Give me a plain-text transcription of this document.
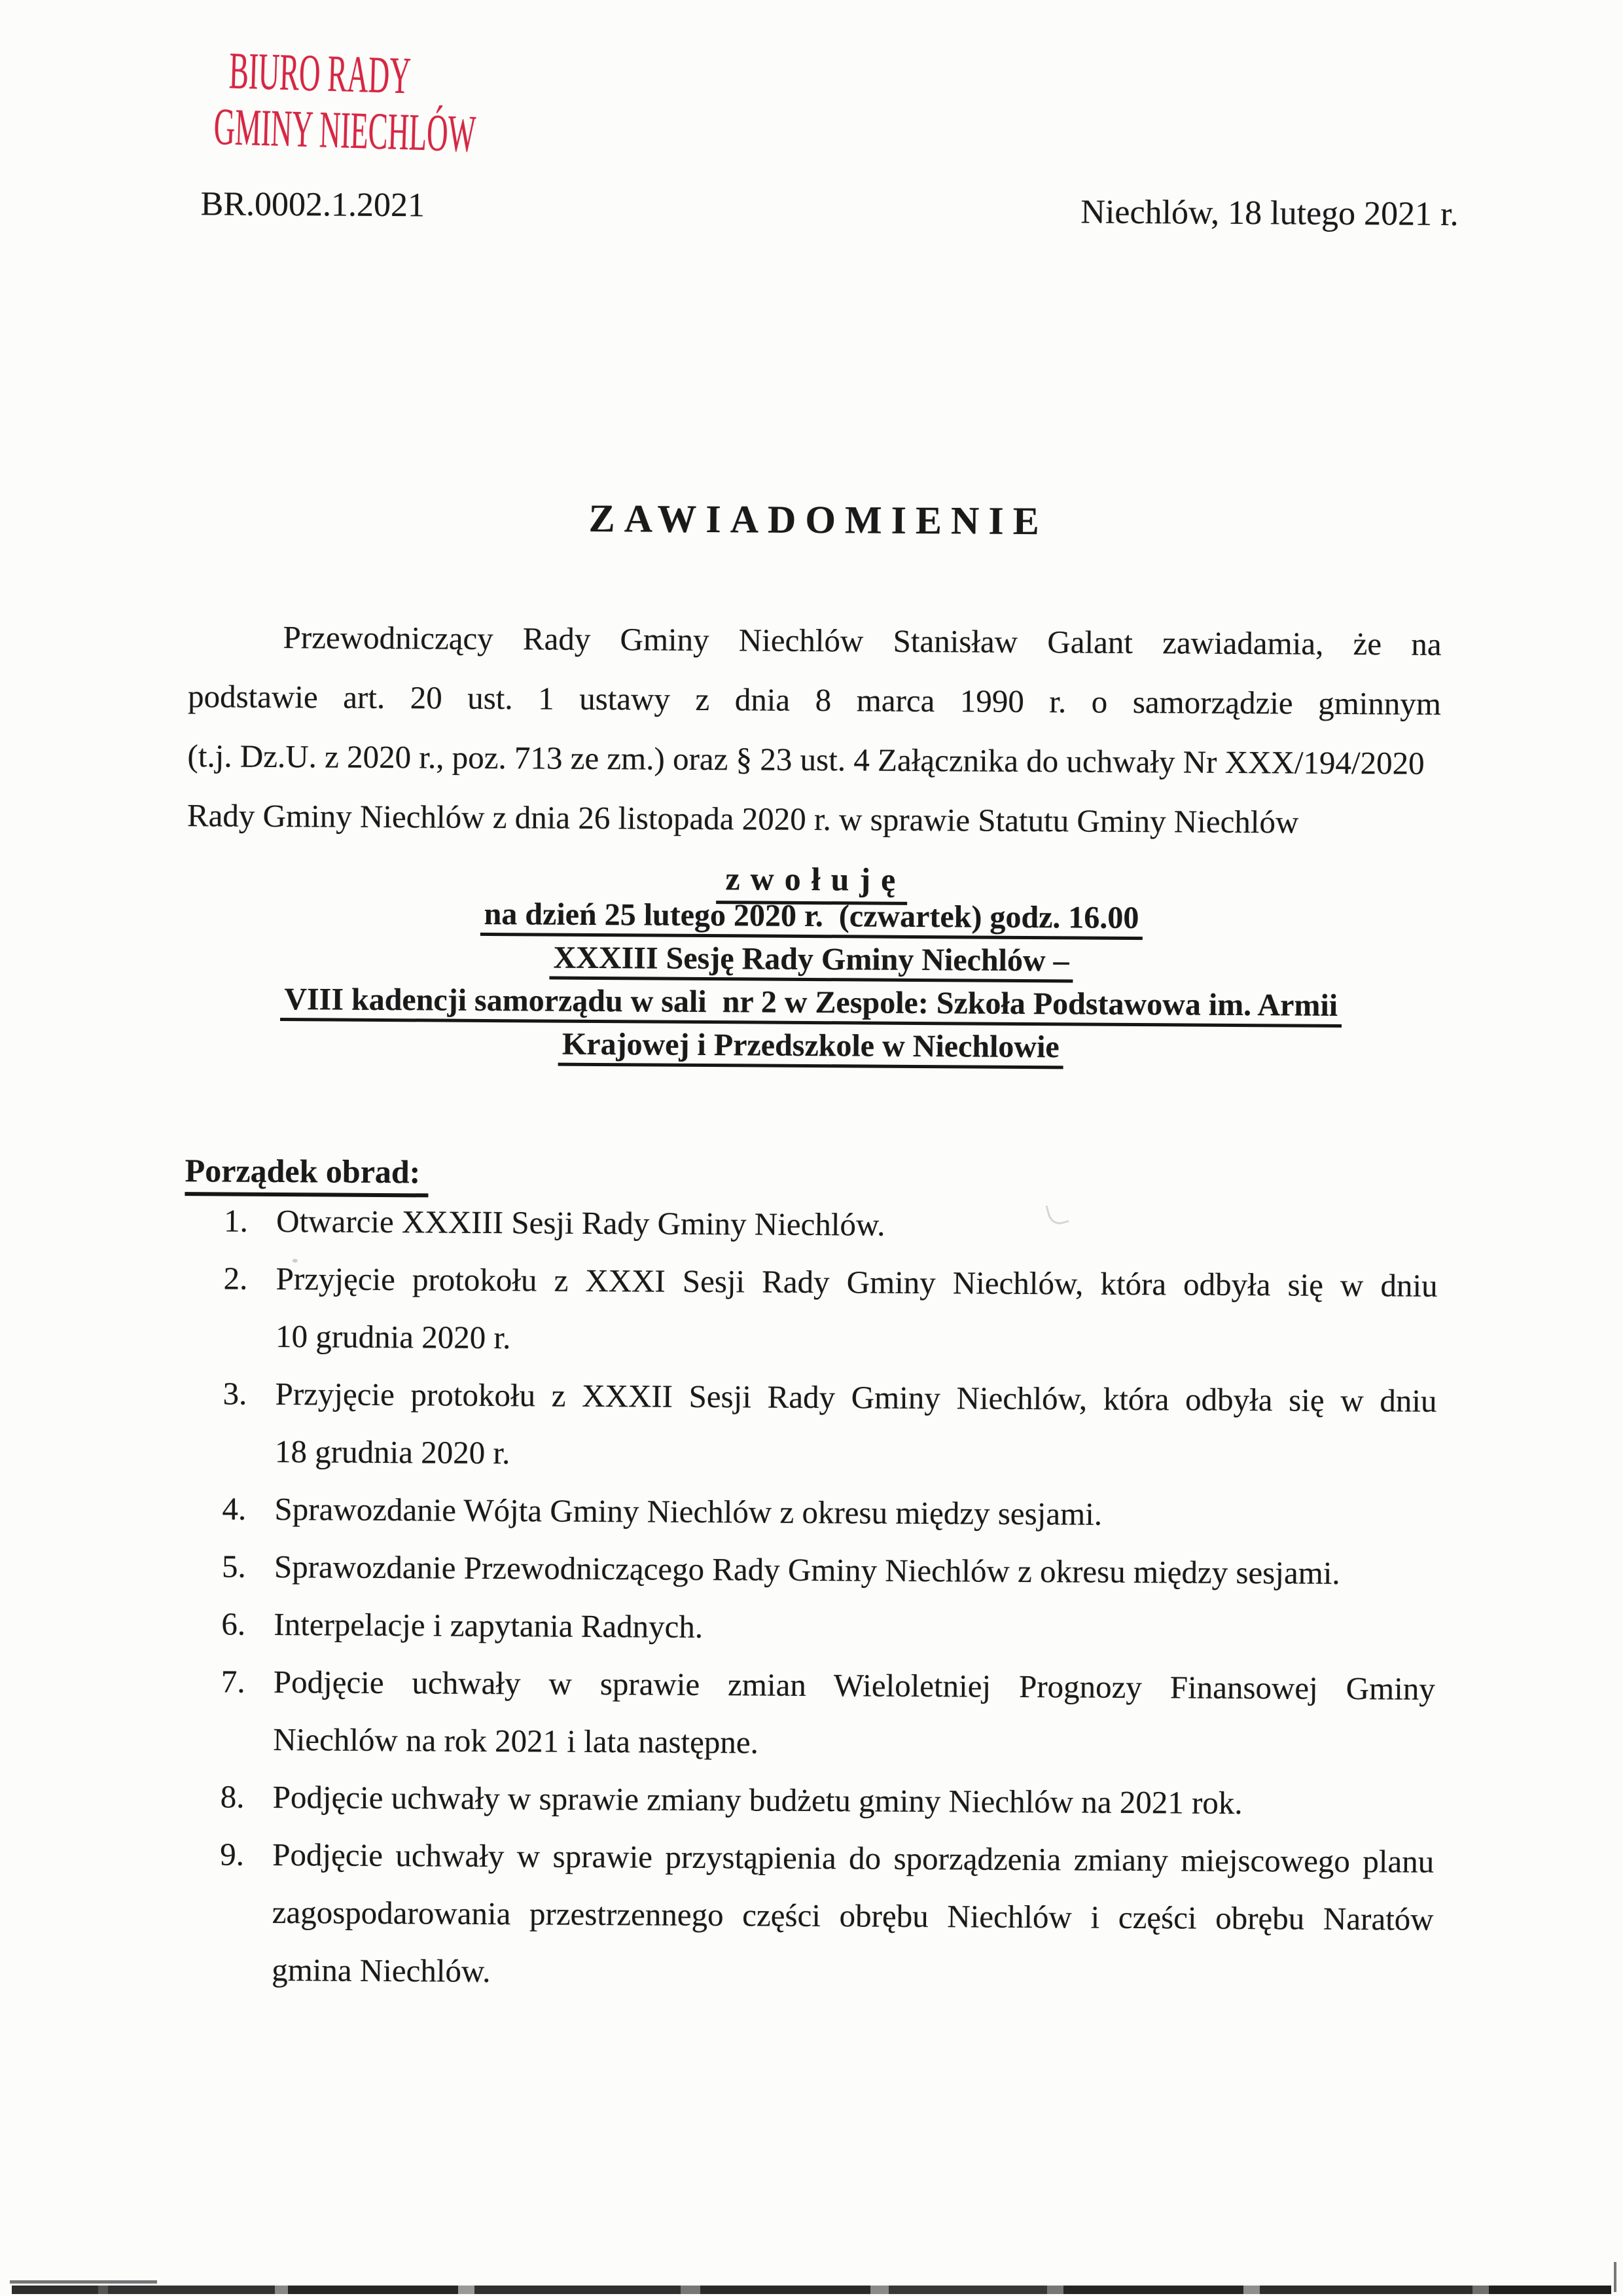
BIURO RADY
GMINY NIECHLÓW
BR.0002.1.2021	Niechlów, 18 lutego 2021 r.
ZAWIADOMIENIE
Przewodniczący Rady Gminy Niechlów Stanisław Galant zawiadamia, że na
podstawie art. 20 ust. 1 ustawy z dnia 8 marca 1990 r. o samorządzie gminnym
(t.j. Dz.U. z 2020 r., poz. 713 ze zm.) oraz § 23 ust. 4 Załącznika do uchwały Nr XXX/194/2020
Rady Gminy Niechlów z dnia 26 listopada 2020 r. w sprawie Statutu Gminy Niechlów
zwołuję
na dzień 25 lutego 2020 r.  (czwartek) godz. 16.00
XXXIII Sesję Rady Gminy Niechlów –
VIII kadencji samorządu w sali  nr 2 w Zespole: Szkoła Podstawowa im. Armii
Krajowej i Przedszkole w Niechlowie
Porządek obrad:
1. Otwarcie XXXIII Sesji Rady Gminy Niechlów.
2. Przyjęcie protokołu z XXXI Sesji Rady Gminy Niechlów, która odbyła się w dniu
10 grudnia 2020 r.
3. Przyjęcie protokołu z XXXII Sesji Rady Gminy Niechlów, która odbyła się w dniu
18 grudnia 2020 r.
4. Sprawozdanie Wójta Gminy Niechlów z okresu między sesjami.
5. Sprawozdanie Przewodniczącego Rady Gminy Niechlów z okresu między sesjami.
6. Interpelacje i zapytania Radnych.
7. Podjęcie uchwały w sprawie zmian Wieloletniej Prognozy Finansowej Gminy
Niechlów na rok 2021 i lata następne.
8. Podjęcie uchwały w sprawie zmiany budżetu gminy Niechlów na 2021 rok.
9. Podjęcie uchwały w sprawie przystąpienia do sporządzenia zmiany miejscowego planu
zagospodarowania przestrzennego części obrębu Niechlów i części obrębu Naratów
gmina Niechlów.
